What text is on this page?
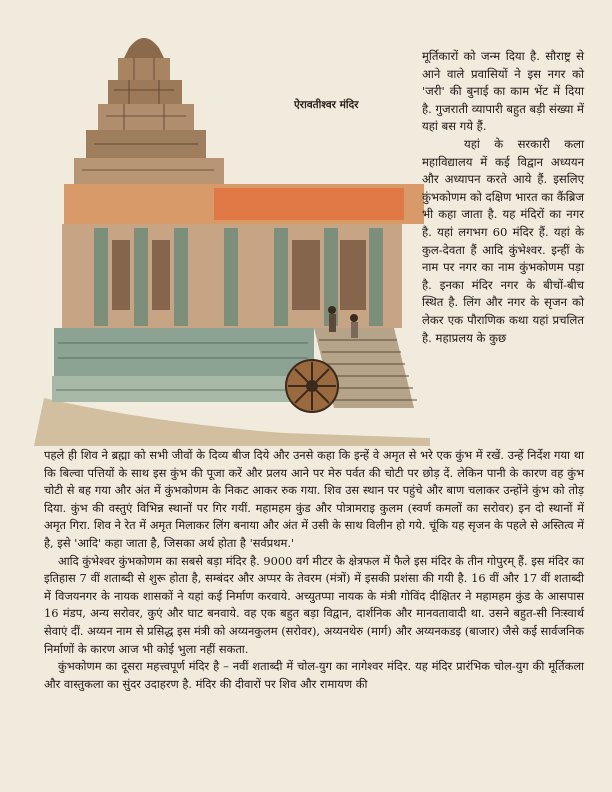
ऐरावतीश्वर मंदिर

मूर्तिकारों को जन्म दिया है. सौराष्ट्र से आने वाले प्रवासियों ने इस नगर को 'जरी' की बुनाई का काम भेंट में दिया है. गुजराती व्यापारी बहुत बड़ी संख्या में यहां बस गये हैं.

यहां के सरकारी कला महाविद्यालय में कई विद्वान अध्ययन और अध्यापन करते आये हैं. इसलिए कुंभकोणम को दक्षिण भारत का कैंब्रिज भी कहा जाता है. यह मंदिरों का नगर है. यहां लगभग 60 मंदिर हैं. यहां के कुल-देवता हैं आदि कुंभेश्वर. इन्हीं के नाम पर नगर का नाम कुंभकोणम पड़ा है. इनका मंदिर नगर के बीचों-बीच स्थित है. लिंग और नगर के सृजन को लेकर एक पौराणिक कथा यहां प्रचलित है. महाप्रलय के कुछ

पहले ही शिव ने ब्रह्मा को सभी जीवों के दिव्य बीज दिये और उनसे कहा कि इन्हें वे अमृत से भरे एक कुंभ में रखें. उन्हें निर्देश गया था कि बिल्वा पत्तियों के साथ इस कुंभ की पूजा करें और प्रलय आने पर मेरु पर्वत की चोटी पर छोड़ दें. लेकिन पानी के कारण वह कुंभ चोटी से बह गया और अंत में कुंभकोणम के निकट आकर रुक गया. शिव उस स्थान पर पहुंचे और बाण चलाकर उन्होंने कुंभ को तोड़ दिया. कुंभ की वस्तुएं विभिन्न स्थानों पर गिर गयीं. महामहम कुंड और पोत्रामराइ कुलम (स्वर्ण कमलों का सरोवर) इन दो स्थानों में अमृत गिरा. शिव ने रेत में अमृत मिलाकर लिंग बनाया और अंत में उसी के साथ विलीन हो गये. चूंकि यह सृजन के पहले से अस्तित्व में है, इसे 'आदि' कहा जाता है, जिसका अर्थ होता है 'सर्वप्रथम.'

आदि कुंभेश्वर कुंभकोणम का सबसे बड़ा मंदिर है. 9000 वर्ग मीटर के क्षेत्रफल में फैले इस मंदिर के तीन गोपुरम् हैं. इस मंदिर का इतिहास 7 वीं शताब्दी से शुरू होता है, सम्बंदर और अप्पर के तेवरम (मंत्रों) में इसकी प्रशंसा की गयी है. 16 वीं और 17 वीं शताब्दी में विजयनगर के नायक शासकों ने यहां कई निर्माण करवाये. अच्युतप्पा नायक के मंत्री गोविंद दीक्षितर ने महामहम कुंड के आसपास 16 मंडप, अन्य सरोवर, कुएं और घाट बनवाये. वह एक बहुत बड़ा विद्वान, दार्शनिक और मानवतावादी था. उसने बहुत-सी निःस्वार्थ सेवाएं दीं. अय्यन नाम से प्रसिद्ध इस मंत्री को अय्यनकुलम (सरोवर), अय्यनथेरु (मार्ग) और अय्यनकडइ (बाजार) जैसे कई सार्वजनिक निर्माणों के कारण आज भी कोई भुला नहीं सकता.

कुंभकोणम का दूसरा महत्त्वपूर्ण मंदिर है – नवीं शताब्दी में चोल-युग का नागेश्वर मंदिर. यह मंदिर प्रारंभिक चोल-युग की मूर्तिकला और वास्तुकला का सुंदर उदाहरण है. मंदिर की दीवारों पर शिव और रामायण की
